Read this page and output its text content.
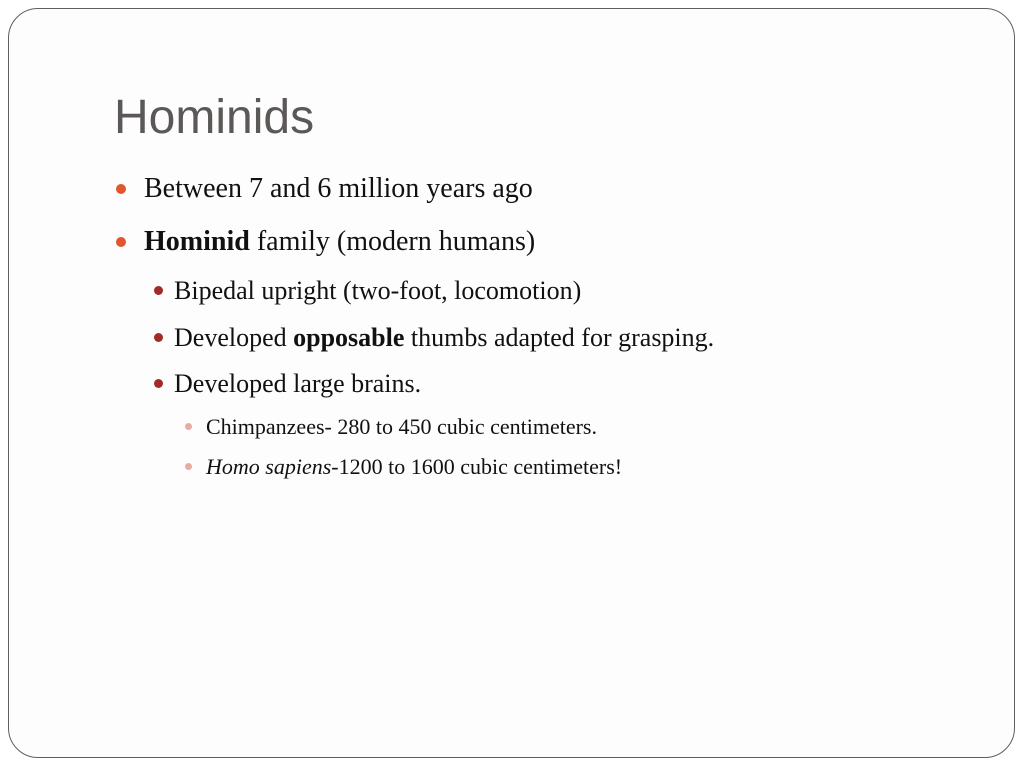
Hominids
Between 7 and 6 million years ago
Hominid family (modern humans)
Bipedal upright (two-foot, locomotion)
Developed opposable thumbs adapted for grasping.
Developed large brains.
Chimpanzees- 280 to 450 cubic centimeters.
Homo sapiens-1200 to 1600 cubic centimeters!
